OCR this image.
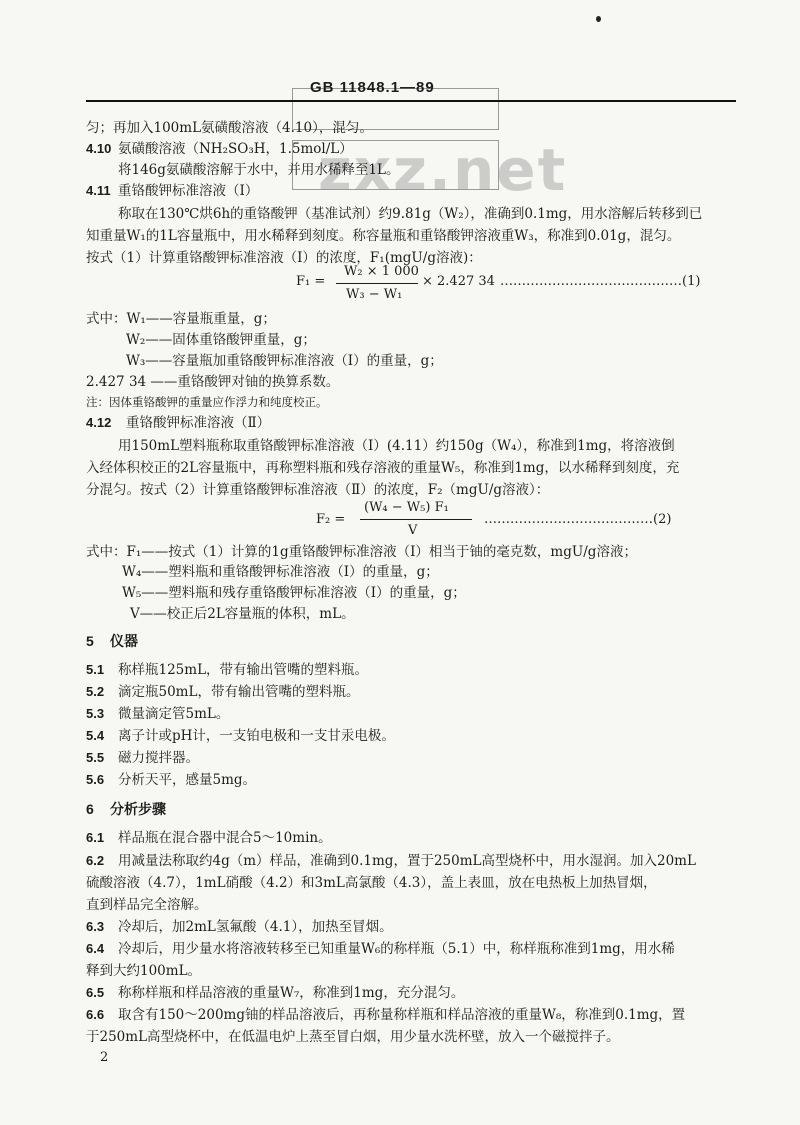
zxz.net
GB 11848.1—89
匀；再加入100mL氨磺酸溶液（4.10），混匀。
4.10 氨磺酸溶液（NH₂SO₃H，1.5mol/L）
将146g氨磺酸溶解于水中，并用水稀释至1L。
4.11 重铬酸钾标准溶液（Ⅰ）
称取在130℃烘6h的重铬酸钾（基准试剂）约9.81g（W₂），准确到0.1mg，用水溶解后转移到已
知重量W₁的1L容量瓶中，用水稀释到刻度。称容量瓶和重铬酸钾溶液重W₃，称准到0.01g，混匀。
按式（1）计算重铬酸钾标准溶液（Ⅰ）的浓度，F₁(mgU/g溶液)：
F₁ =
W₂ × 1 000
W₃ − W₁
× 2.427 34 ……………………………………(1)
式中：W₁——容量瓶重量，g；
W₂——固体重铬酸钾重量，g；
W₃——容量瓶加重铬酸钾标准溶液（Ⅰ）的重量，g；
2.427 34 ——重铬酸钾对铀的换算系数。
注：因体重铬酸钾的重量应作浮力和纯度校正。
4.12 重铬酸钾标准溶液（Ⅱ）
用150mL塑料瓶称取重铬酸钾标准溶液（Ⅰ）(4.11）约150g（W₄），称准到1mg，将溶液倒
入经体积校正的2L容量瓶中，再称塑料瓶和残存溶液的重量W₅，称准到1mg，以水稀释到刻度，充
分混匀。按式（2）计算重铬酸钾标准溶液（Ⅱ）的浓度，F₂（mgU/g溶液）：
F₂ =
(W₄ − W₅) F₁
V
…………………………………(2)
式中：F₁——按式（1）计算的1g重铬酸钾标准溶液（Ⅰ）相当于铀的毫克数，mgU/g溶液；
W₄——塑料瓶和重铬酸钾标准溶液（Ⅰ）的重量，g；
W₅——塑料瓶和残存重铬酸钾标准溶液（Ⅰ）的重量，g；
V——校正后2L容量瓶的体积，mL。
5 仪器
5.1 称样瓶125mL，带有输出管嘴的塑料瓶。
5.2 滴定瓶50mL，带有输出管嘴的塑料瓶。
5.3 微量滴定管5mL。
5.4 离子计或pH计，一支铂电极和一支甘汞电极。
5.5 磁力搅拌器。
5.6 分析天平，感量5mg。
6 分析步骤
6.1 样品瓶在混合器中混合5～10min。
6.2 用减量法称取约4g（m）样品，准确到0.1mg，置于250mL高型烧杯中，用水湿润。加入20mL
硫酸溶液（4.7），1mL硝酸（4.2）和3mL高氯酸（4.3），盖上表皿，放在电热板上加热冒烟，
直到样品完全溶解。
6.3 冷却后，加2mL氢氟酸（4.1），加热至冒烟。
6.4 冷却后，用少量水将溶液转移至已知重量W₆的称样瓶（5.1）中，称样瓶称准到1mg，用水稀
释到大约100mL。
6.5 称称样瓶和样品溶液的重量W₇，称准到1mg，充分混匀。
6.6 取含有150～200mg铀的样品溶液后，再称量称样瓶和样品溶液的重量W₈，称准到0.1mg，置
于250mL高型烧杯中，在低温电炉上蒸至冒白烟，用少量水洗杯壁，放入一个磁搅拌子。
2
